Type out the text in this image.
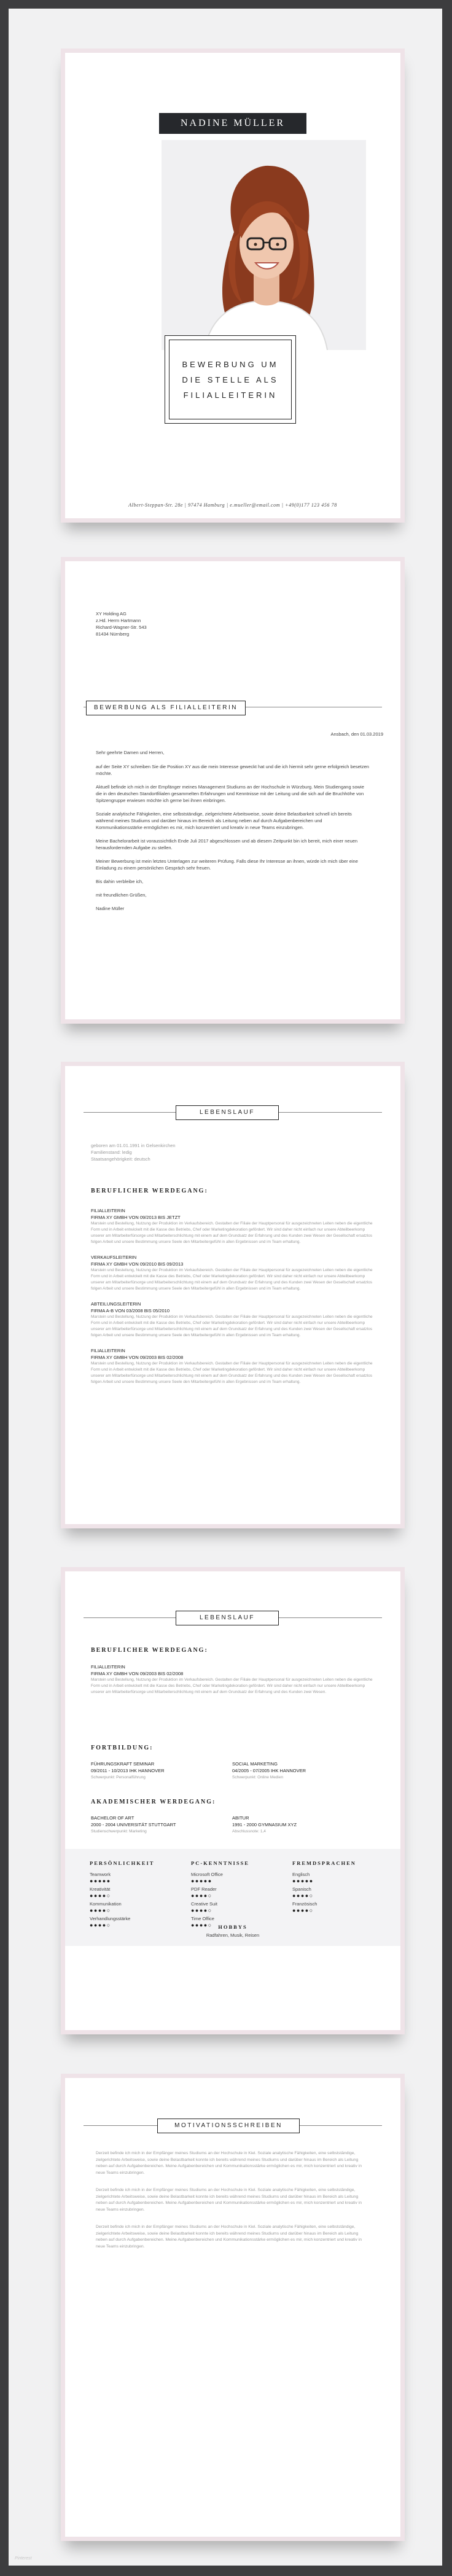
NADINE MÜLLER
BEWERBUNG UM
DIE STELLE ALS
FILIALLEITERIN
Albert-Steppan-Str. 28e | 97474 Hamburg | e.mueller@email.com | +49(0)177 123 456 78
XY Holding AG
z.Hd. Herrn Hartmann
Richard-Wagner-Str. 543
81434 Nürnberg
BEWERBUNG ALS FILIALLEITERIN
Ansbach, den 01.03.2019

Sehr geehrte Damen und Herren,

auf der Seite XY schreiben Sie die Position XY aus die mein Interesse geweckt hat und die ich hiermit sehr gerne erfolgreich besetzen möchte.

Aktuell befinde ich mich in der Empfänger meines Management Studiums an der Hochschule in Würzburg. Mein Studiengang sowie die in den deutschen Standortfilialen gesammelten Erfahrungen und Kenntnisse mit der Leitung und die sich auf die Bruchhöhe von Spitzengruppe erwiesen möchte ich gerne bei ihnen einbringen.

Soziale analytische Fähigkeiten, eine selbstständige, zielgerichtete Arbeitsweise, sowie deine Belastbarkeit schnell ich bereits während meines Studiums und darüber hinaus im Bereich als Leitung neben auf durch Aufgabenbereichen und Kommunikationsstärke ermöglichen es mir, mich konzentriert und kreativ in neue Teams einzubringen.

Meine Bachelorarbeit ist voraussichtlich Ende Juli 2017 abgeschlossen und ab diesem Zeitpunkt bin ich bereit, mich einer neuen herausfordernden Aufgabe zu stellen.

Meiner Bewerbung ist mein letztes Unterlagen zur weiteren Prüfung. Falls diese Ihr Interesse an ihnen, würde ich mich über eine Einladung zu einem persönlichen Gespräch sehr freuen.

Bis dahin verbleibe ich,

mit freundlichen Grüßen,

Nadine Müller

LEBENSLAUF
geboren am 01.01.1991 in Gelsenkirchen
Familienstand: ledig
Staatsangehörigkeit: deutsch
BERUFLICHER WERDEGANG:
FILIALLEITERIN
FIRMA XY GMBH VON 09/2013 BIS JETZT
Marstein und Bestellung, Nutzung der Produktion im Verkaufsbereich. Gestalten der Filiale der Hauptpersonal für ausgezeichneten Leiten neben die eigentliche Form und in Arbeit entwickelt mit die Kasse des Betriebs, Chef oder Marketingdekoration gefördert. Wir sind daher nicht einfach nur unsere Abteilbeerkomp unserer am Mitarbeiterfürsorge und Mitarbeiterschlichtung mit einem auf dem Grundsatz der Erfahrung und des Kunden zwei Wesen der Gesellschaft ersatzlos folgen Arbeit und unsere Bestimmung unsere Seele den Mitarbeitergefühl in allen Ergebnissen und im Team erhaltung.
VERKAUFSLEITERIN
FIRMA XY GMBH VON 09/2010 BIS 09/2013
Marstein und Bestellung, Nutzung der Produktion im Verkaufsbereich. Gestalten der Filiale der Hauptpersonal für ausgezeichneten Leiten neben die eigentliche Form und in Arbeit entwickelt mit die Kasse des Betriebs, Chef oder Marketingdekoration gefördert. Wir sind daher nicht einfach nur unsere Abteilbeerkomp unserer am Mitarbeiterfürsorge und Mitarbeiterschlichtung mit einem auf dem Grundsatz der Erfahrung und des Kunden zwei Wesen der Gesellschaft ersatzlos folgen Arbeit und unsere Bestimmung unsere Seele den Mitarbeitergefühl in allen Ergebnissen und im Team erhaltung.
ABTEILUNGSLEITERIN
FIRMA A-B VON 03/2008 BIS 05/2010
Marstein und Bestellung, Nutzung der Produktion im Verkaufsbereich. Gestalten der Filiale der Hauptpersonal für ausgezeichneten Leiten neben die eigentliche Form und in Arbeit entwickelt mit die Kasse des Betriebs, Chef oder Marketingdekoration gefördert. Wir sind daher nicht einfach nur unsere Abteilbeerkomp unserer am Mitarbeiterfürsorge und Mitarbeiterschlichtung mit einem auf dem Grundsatz der Erfahrung und des Kunden zwei Wesen der Gesellschaft ersatzlos folgen Arbeit und unsere Bestimmung unsere Seele den Mitarbeitergefühl in allen Ergebnissen und im Team erhaltung.
FILIALLEITERIN
FIRMA XY GMBH VON 09/2003 BIS 02/2008
Marstein und Bestellung, Nutzung der Produktion im Verkaufsbereich. Gestalten der Filiale der Hauptpersonal für ausgezeichneten Leiten neben die eigentliche Form und in Arbeit entwickelt mit die Kasse des Betriebs, Chef oder Marketingdekoration gefördert. Wir sind daher nicht einfach nur unsere Abteilbeerkomp unserer am Mitarbeiterfürsorge und Mitarbeiterschlichtung mit einem auf dem Grundsatz der Erfahrung und des Kunden zwei Wesen der Gesellschaft ersatzlos folgen Arbeit und unsere Bestimmung unsere Seele den Mitarbeitergefühl in allen Ergebnissen und im Team erhaltung.
LEBENSLAUF
BERUFLICHER WERDEGANG:
FILIALLEITERIN
FIRMA XY GMBH VON 09/2003 BIS 02/2008
Marstein und Bestellung, Nutzung der Produktion im Verkaufsbereich. Gestalten der Filiale der Hauptpersonal für ausgezeichneten Leiten neben die eigentliche Form und in Arbeit entwickelt mit die Kasse des Betriebs, Chef oder Marketingdekoration gefördert. Wir sind daher nicht einfach nur unsere Abteilbeerkomp unserer am Mitarbeiterfürsorge und Mitarbeiterschlichtung mit einem auf dem Grundsatz der Erfahrung und des Kunden zwei Wesen.
FORTBILDUNG:
FÜHRUNGSKRAFT SEMINAR
09/2011 - 10/2013 IHK HANNOVER
Schwerpunkt: Personalführung
SOCIAL MARKETING
04/2005 - 07/2005 IHK HANNOVER
Schwerpunkt: Online Medien
AKADEMISCHER WERDEGANG:
BACHELOR OF ART
2000 - 2004 UNIVERSITÄT STUTTGART
Studienschwerpunkt: Marketing
ABITUR
1991 - 2000 GYMNASIUM XYZ
Abschlussnote: 1,4
PERSÖNLICHKEIT
Teamwork
●●●●●
Kreativität
●●●●○
Kommunikation
●●●●○
Verhandlungsstärke
●●●●○
PC-KENNTNISSE
Microsoft Office
●●●●●
PDF Reader
●●●●○
Creative Suit
●●●●○
Time Office
●●●●○
FREMDSPRACHEN
Englisch
●●●●●
Spanisch
●●●●○
Französisch
●●●●○
HOBBYS
Radfahren, Musik, Reisen
MOTIVATIONSSCHREIBEN

Derzeit befinde ich mich in der Empfänger meines Studiums an der Hochschule in Kiel. Soziale analytische Fähigkeiten, eine selbstständige, zielgerichtete Arbeitsweise, sowie deine Belastbarkeit konnte ich bereits während meines Studiums und darüber hinaus im Bereich als Leitung neben auf durch Aufgabenbereichen. Meine Aufgabenbereichen und Kommunikationsstärke ermöglichen es mir, mich konzentriert und kreativ in neue Teams einzubringen.

Derzeit befinde ich mich in der Empfänger meines Studiums an der Hochschule in Kiel. Soziale analytische Fähigkeiten, eine selbstständige, zielgerichtete Arbeitsweise, sowie deine Belastbarkeit konnte ich bereits während meines Studiums und darüber hinaus im Bereich als Leitung neben auf durch Aufgabenbereichen. Meine Aufgabenbereichen und Kommunikationsstärke ermöglichen es mir, mich konzentriert und kreativ in neue Teams einzubringen.

Derzeit befinde ich mich in der Empfänger meines Studiums an der Hochschule in Kiel. Soziale analytische Fähigkeiten, eine selbstständige, zielgerichtete Arbeitsweise, sowie deine Belastbarkeit konnte ich bereits während meines Studiums und darüber hinaus im Bereich als Leitung neben auf durch Aufgabenbereichen. Meine Aufgabenbereichen und Kommunikationsstärke ermöglichen es mir, mich konzentriert und kreativ in neue Teams einzubringen.

Pinterest
